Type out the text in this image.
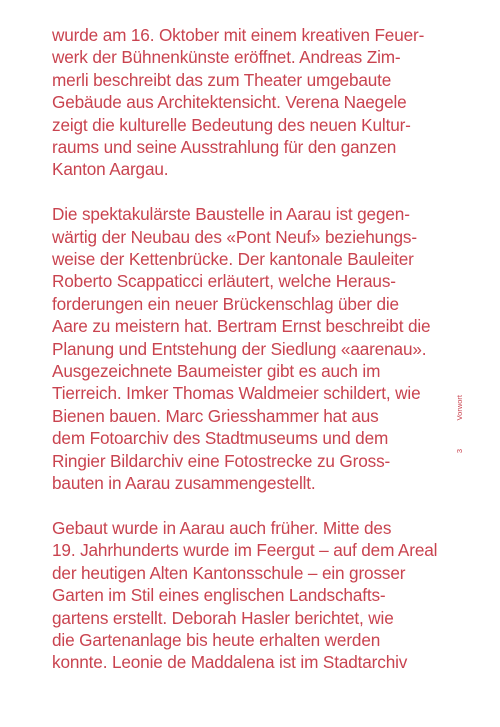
wurde am 16. Oktober mit einem kreativen Feuer-
werk der Bühnenkünste eröffnet. Andreas Zim-
merli beschreibt das zum Theater umgebaute
Gebäude aus Architektensicht. Verena Naegele
zeigt die kulturelle Bedeutung des neuen Kultur-
raums und seine Ausstrahlung für den ganzen
Kanton Aargau.

Die spektakulärste Baustelle in Aarau ist gegen-
wärtig der Neubau des «Pont Neuf» beziehungs-
weise der Kettenbrücke. Der kantonale Bauleiter
Roberto Scappaticci erläutert, welche Heraus-
forderungen ein neuer Brückenschlag über die
Aare zu meistern hat. Bertram Ernst beschreibt die
Planung und Entstehung der Siedlung «aarenau».
Ausgezeichnete Baumeister gibt es auch im
Tierreich. Imker Thomas Waldmeier schildert, wie
Bienen bauen. Marc Griesshammer hat aus
dem Fotoarchiv des Stadtmuseums und dem
Ringier Bildarchiv eine Fotostrecke zu Gross-
bauten in Aarau zusammengestellt.

Gebaut wurde in Aarau auch früher. Mitte des
19. Jahrhunderts wurde im Feergut – auf dem Areal
der heutigen Alten Kantonsschule – ein grosser
Garten im Stil eines englischen Landschafts-
gartens erstellt. Deborah Hasler berichtet, wie
die Gartenanlage bis heute erhalten werden
konnte. Leonie de Maddalena ist im Stadtarchiv

Vorwort
3
